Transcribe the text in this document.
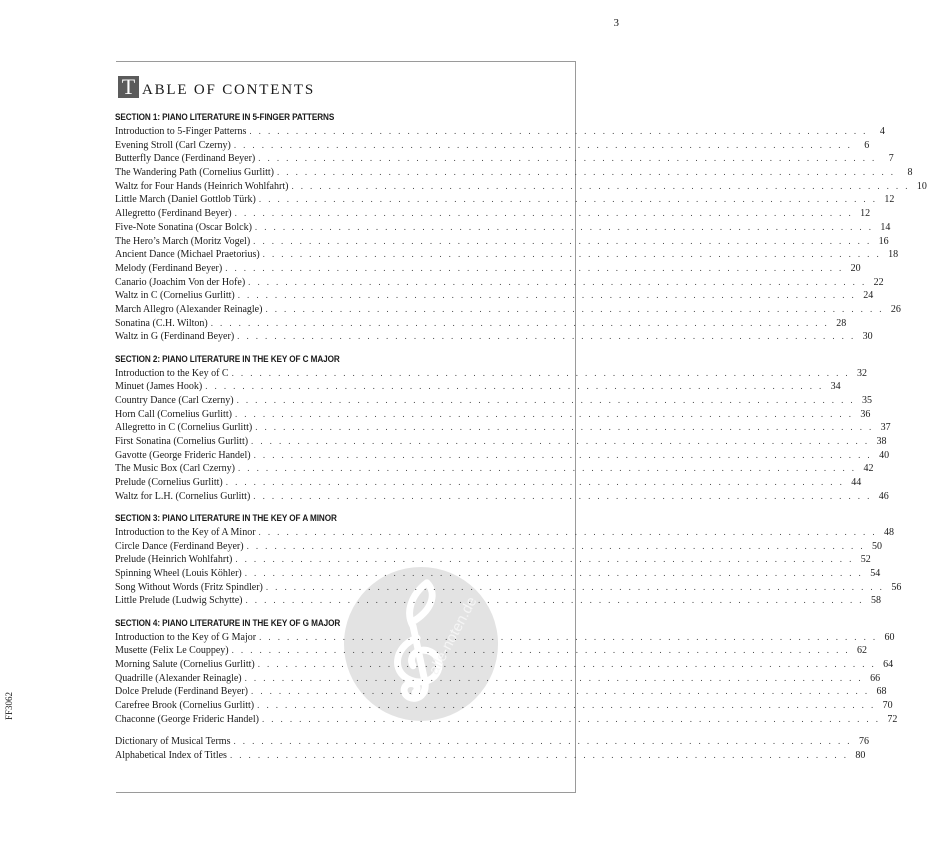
3
T ABLE OF CONTENTS
alle-noten.de
SECTION 1: PIANO LITERATURE IN 5-FINGER PATTERNS
Introduction to 5-Finger Patterns . . . . . . . . . . . . . . . . . . . . . . . . . . . . . . . . . . . . . . . . . . . . . . . . . . . . . . . . . . . . . . . . . . .	4
Evening Stroll (Carl Czerny) . . . . . . . . . . . . . . . . . . . . . . . . . . . . . . . . . . . . . . . . . . . . . . . . . . . . . . . . . . . . . . . . . . .	6
Butterfly Dance (Ferdinand Beyer) . . . . . . . . . . . . . . . . . . . . . . . . . . . . . . . . . . . . . . . . . . . . . . . . . . . . . . . . . . . . . . . . . . .	7
The Wandering Path (Cornelius Gurlitt) . . . . . . . . . . . . . . . . . . . . . . . . . . . . . . . . . . . . . . . . . . . . . . . . . . . . . . . . . . . . . . . . . . .	8
Waltz for Four Hands (Heinrich Wohlfahrt) . . . . . . . . . . . . . . . . . . . . . . . . . . . . . . . . . . . . . . . . . . . . . . . . . . . . . . . . . . . . . . . . . . . 10
Little March (Daniel Gottlob Türk) . . . . . . . . . . . . . . . . . . . . . . . . . . . . . . . . . . . . . . . . . . . . . . . . . . . . . . . . . . . . . . . . . . . 12
Allegretto (Ferdinand Beyer) . . . . . . . . . . . . . . . . . . . . . . . . . . . . . . . . . . . . . . . . . . . . . . . . . . . . . . . . . . . . . . . . . . . 12
Five-Note Sonatina (Oscar Bolck) . . . . . . . . . . . . . . . . . . . . . . . . . . . . . . . . . . . . . . . . . . . . . . . . . . . . . . . . . . . . . . . . . . . 14
The Hero’s March (Moritz Vogel) . . . . . . . . . . . . . . . . . . . . . . . . . . . . . . . . . . . . . . . . . . . . . . . . . . . . . . . . . . . . . . . . . . . 16
Ancient Dance (Michael Praetorius) . . . . . . . . . . . . . . . . . . . . . . . . . . . . . . . . . . . . . . . . . . . . . . . . . . . . . . . . . . . . . . . . . . . 18
Melody (Ferdinand Beyer) . . . . . . . . . . . . . . . . . . . . . . . . . . . . . . . . . . . . . . . . . . . . . . . . . . . . . . . . . . . . . . . . . . . 20
Canario (Joachim Von der Hofe) . . . . . . . . . . . . . . . . . . . . . . . . . . . . . . . . . . . . . . . . . . . . . . . . . . . . . . . . . . . . . . . . . . . 22
Waltz in C (Cornelius Gurlitt) . . . . . . . . . . . . . . . . . . . . . . . . . . . . . . . . . . . . . . . . . . . . . . . . . . . . . . . . . . . . . . . . . . . 24
March Allegro (Alexander Reinagle) . . . . . . . . . . . . . . . . . . . . . . . . . . . . . . . . . . . . . . . . . . . . . . . . . . . . . . . . . . . . . . . . . . . 26
Sonatina (C.H. Wilton) . . . . . . . . . . . . . . . . . . . . . . . . . . . . . . . . . . . . . . . . . . . . . . . . . . . . . . . . . . . . . . . . . . . 28
Waltz in G (Ferdinand Beyer) . . . . . . . . . . . . . . . . . . . . . . . . . . . . . . . . . . . . . . . . . . . . . . . . . . . . . . . . . . . . . . . . . . . 30
SECTION 2: PIANO LITERATURE IN THE KEY OF C MAJOR
Introduction to the Key of C . . . . . . . . . . . . . . . . . . . . . . . . . . . . . . . . . . . . . . . . . . . . . . . . . . . . . . . . . . . . . . . . . . . 32
Minuet (James Hook) . . . . . . . . . . . . . . . . . . . . . . . . . . . . . . . . . . . . . . . . . . . . . . . . . . . . . . . . . . . . . . . . . . . 34
Country Dance (Carl Czerny) . . . . . . . . . . . . . . . . . . . . . . . . . . . . . . . . . . . . . . . . . . . . . . . . . . . . . . . . . . . . . . . . . . . 35
Horn Call (Cornelius Gurlitt) . . . . . . . . . . . . . . . . . . . . . . . . . . . . . . . . . . . . . . . . . . . . . . . . . . . . . . . . . . . . . . . . . . . 36
Allegretto in C (Cornelius Gurlitt) . . . . . . . . . . . . . . . . . . . . . . . . . . . . . . . . . . . . . . . . . . . . . . . . . . . . . . . . . . . . . . . . . . . 37
First Sonatina (Cornelius Gurlitt) . . . . . . . . . . . . . . . . . . . . . . . . . . . . . . . . . . . . . . . . . . . . . . . . . . . . . . . . . . . . . . . . . . . 38
Gavotte (George Frideric Handel) . . . . . . . . . . . . . . . . . . . . . . . . . . . . . . . . . . . . . . . . . . . . . . . . . . . . . . . . . . . . . . . . . . . 40
The Music Box (Carl Czerny) . . . . . . . . . . . . . . . . . . . . . . . . . . . . . . . . . . . . . . . . . . . . . . . . . . . . . . . . . . . . . . . . . . . 42
Prelude (Cornelius Gurlitt) . . . . . . . . . . . . . . . . . . . . . . . . . . . . . . . . . . . . . . . . . . . . . . . . . . . . . . . . . . . . . . . . . . . 44
Waltz for L.H. (Cornelius Gurlitt) . . . . . . . . . . . . . . . . . . . . . . . . . . . . . . . . . . . . . . . . . . . . . . . . . . . . . . . . . . . . . . . . . . . 46
SECTION 3: PIANO LITERATURE IN THE KEY OF A MINOR
Introduction to the Key of A Minor . . . . . . . . . . . . . . . . . . . . . . . . . . . . . . . . . . . . . . . . . . . . . . . . . . . . . . . . . . . . . . . . . . . 48
Circle Dance (Ferdinand Beyer) . . . . . . . . . . . . . . . . . . . . . . . . . . . . . . . . . . . . . . . . . . . . . . . . . . . . . . . . . . . . . . . . . . . 50
Prelude (Heinrich Wohlfahrt) . . . . . . . . . . . . . . . . . . . . . . . . . . . . . . . . . . . . . . . . . . . . . . . . . . . . . . . . . . . . . . . . . . . 52
Spinning Wheel (Louis Köhler) . . . . . . . . . . . . . . . . . . . . . . . . . . . . . . . . . . . . . . . . . . . . . . . . . . . . . . . . . . . . . . . . . . . 54
Song Without Words (Fritz Spindler) . . . . . . . . . . . . . . . . . . . . . . . . . . . . . . . . . . . . . . . . . . . . . . . . . . . . . . . . . . . . . . . . . . . 56
Little Prelude (Ludwig Schytte) . . . . . . . . . . . . . . . . . . . . . . . . . . . . . . . . . . . . . . . . . . . . . . . . . . . . . . . . . . . . . . . . . . . 58
SECTION 4: PIANO LITERATURE IN THE KEY OF G MAJOR
Introduction to the Key of G Major . . . . . . . . . . . . . . . . . . . . . . . . . . . . . . . . . . . . . . . . . . . . . . . . . . . . . . . . . . . . . . . . . . . 60
Musette (Felix Le Couppey) . . . . . . . . . . . . . . . . . . . . . . . . . . . . . . . . . . . . . . . . . . . . . . . . . . . . . . . . . . . . . . . . . . . 62
Morning Salute (Cornelius Gurlitt) . . . . . . . . . . . . . . . . . . . . . . . . . . . . . . . . . . . . . . . . . . . . . . . . . . . . . . . . . . . . . . . . . . . 64
Quadrille (Alexander Reinagle) . . . . . . . . . . . . . . . . . . . . . . . . . . . . . . . . . . . . . . . . . . . . . . . . . . . . . . . . . . . . . . . . . . . 66
Dolce Prelude (Ferdinand Beyer) . . . . . . . . . . . . . . . . . . . . . . . . . . . . . . . . . . . . . . . . . . . . . . . . . . . . . . . . . . . . . . . . . . . 68
Carefree Brook (Cornelius Gurlitt) . . . . . . . . . . . . . . . . . . . . . . . . . . . . . . . . . . . . . . . . . . . . . . . . . . . . . . . . . . . . . . . . . . . 70
Chaconne (George Frideric Handel) . . . . . . . . . . . . . . . . . . . . . . . . . . . . . . . . . . . . . . . . . . . . . . . . . . . . . . . . . . . . . . . . . . . 72
Dictionary of Musical Terms . . . . . . . . . . . . . . . . . . . . . . . . . . . . . . . . . . . . . . . . . . . . . . . . . . . . . . . . . . . . . . . . . . . 76
Alphabetical Index of Titles . . . . . . . . . . . . . . . . . . . . . . . . . . . . . . . . . . . . . . . . . . . . . . . . . . . . . . . . . . . . . . . . . . . 80
FF3062
